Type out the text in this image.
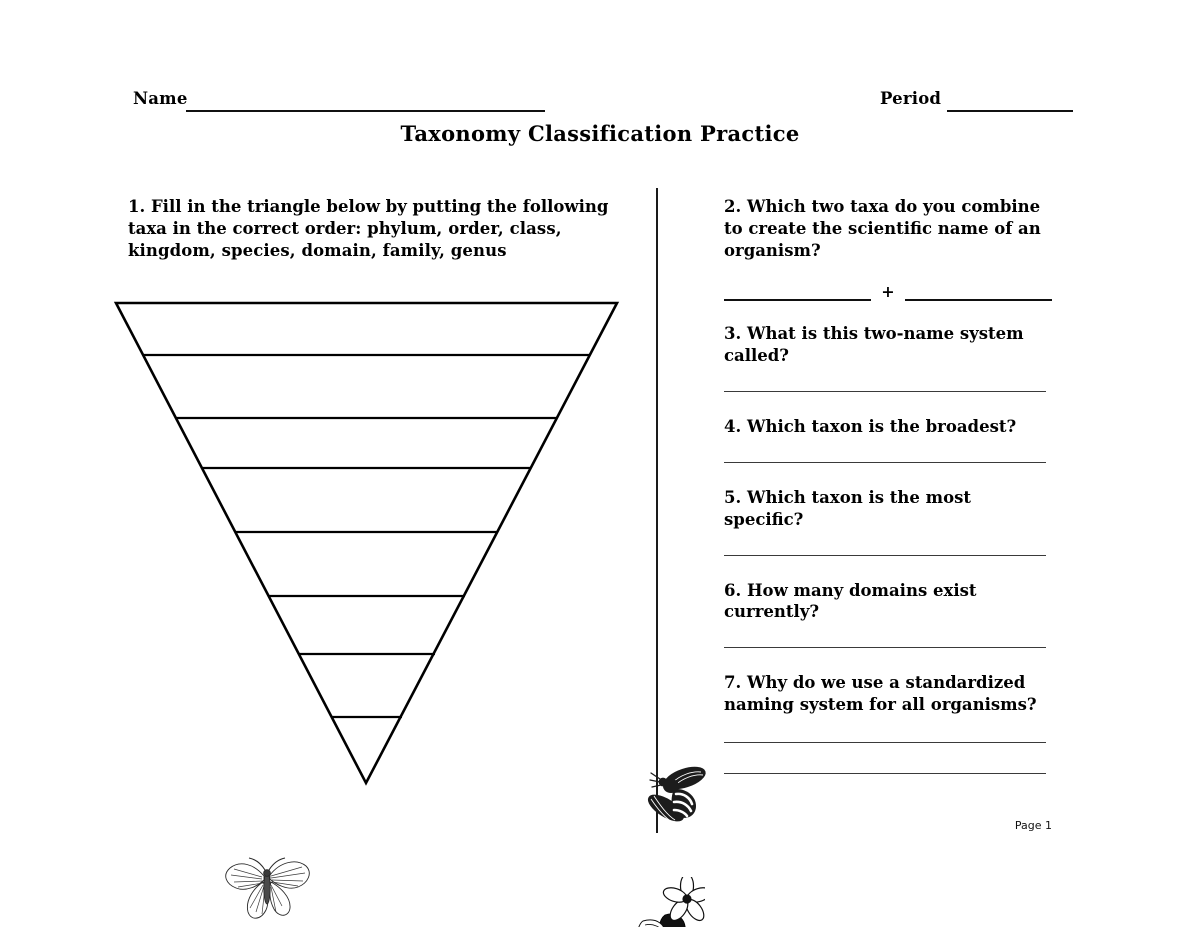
Name	Period
Taxonomy Classification Practice
1. Fill in the triangle below by putting the following taxa in the correct order: phylum, order, class, kingdom, species, domain, family, genus
2. Which two taxa do you combine to create the scientific name of an organism?
+
3. What is this two-name system called?
4. Which taxon is the broadest?
5. Which taxon is the most specific?
6. How many domains exist currently?
7. Why do we use a standardized naming system for all organisms?
Page 1
